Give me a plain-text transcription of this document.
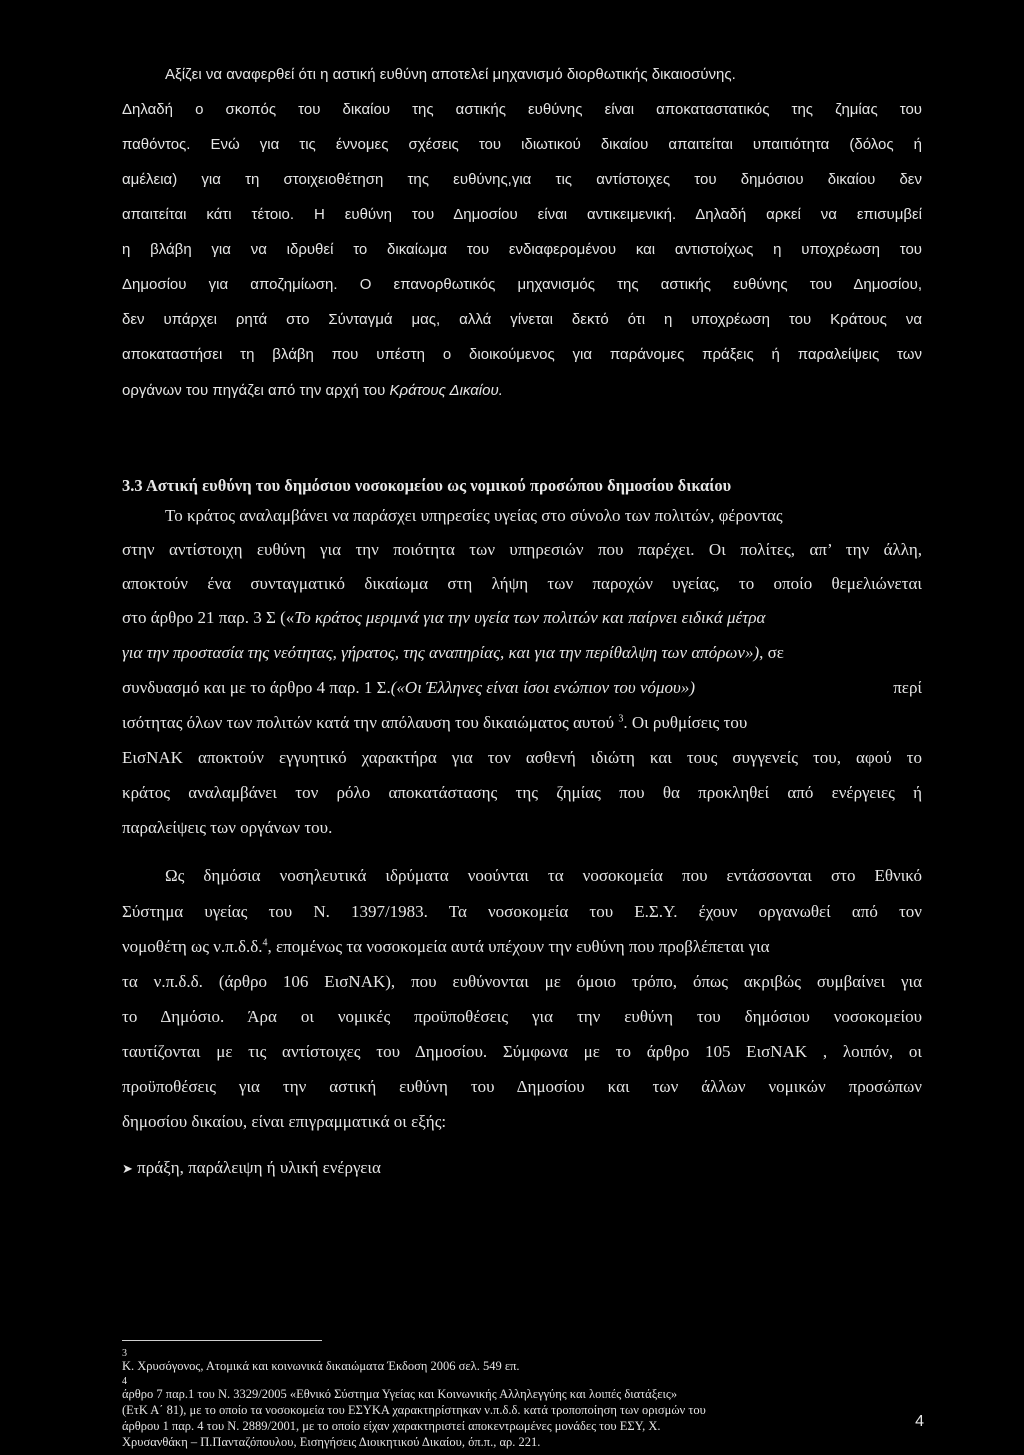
Αξίζει να αναφερθεί ότι η αστική ευθύνη αποτελεί μηχανισμό διορθωτικής δικαιοσύνης.
Δηλαδή ο σκοπός του δικαίου της αστικής ευθύνης είναι αποκαταστατικός της ζημίας του
παθόντος. Ενώ για τις έννομες σχέσεις του ιδιωτικού δικαίου απαιτείται υπαιτιότητα (δόλος ή
αμέλεια) για τη στοιχειοθέτηση της ευθύνης,για τις αντίστοιχες του δημόσιου δικαίου δεν
απαιτείται κάτι τέτοιο. Η ευθύνη του Δημοσίου είναι αντικειμενική. Δηλαδή αρκεί να επισυμβεί
η βλάβη για να ιδρυθεί το δικαίωμα του ενδιαφερομένου και αντιστοίχως η υποχρέωση του
Δημοσίου για αποζημίωση. Ο επανορθωτικός μηχανισμός της αστικής ευθύνης του Δημοσίου,
δεν υπάρχει ρητά στο Σύνταγμά μας, αλλά γίνεται δεκτό ότι η υποχρέωση του Κράτους να
αποκαταστήσει τη βλάβη που υπέστη ο διοικούμενος για παράνομες πράξεις ή παραλείψεις των
οργάνων του πηγάζει από την αρχή του Κράτους Δικαίου.
3.3 Αστική ευθύνη του δημόσιου νοσοκομείου ως νομικού προσώπου δημοσίου δικαίου
Το κράτος αναλαμβάνει να παράσχει υπηρεσίες υγείας στο σύνολο των πολιτών, φέροντας
στην αντίστοιχη ευθύνη για την ποιότητα των υπηρεσιών που παρέχει. Οι πολίτες, απ’ την άλλη,
αποκτούν ένα συνταγματικό δικαίωμα στη λήψη των παροχών υγείας, το οποίο θεμελιώνεται
στο άρθρο 21 παρ. 3 Σ («Το κράτος μεριμνά για την υγεία των πολιτών και παίρνει ειδικά μέτρα
για την προστασία της νεότητας, γήρατος, της αναπηρίας, και για την περίθαλψη των απόρων»), σε
συνδυασμό και με το άρθρο 4 παρ. 1 Σ.(«Οι Έλληνες είναι ίσοι ενώπιον του νόμου»)	περί
ισότητας όλων των πολιτών κατά την απόλαυση του δικαιώματος αυτού $^3$. Οι ρυθμίσεις του
ΕισΝΑΚ αποκτούν εγγυητικό χαρακτήρα για τον ασθενή ιδιώτη και τους συγγενείς του, αφού το
κράτος αναλαμβάνει τον ρόλο αποκατάστασης της ζημίας που θα προκληθεί από ενέργειες ή
παραλείψεις των οργάνων του.
Ως δημόσια νοσηλευτικά ιδρύματα νοούνται τα νοσοκομεία που εντάσσονται στο Εθνικό
Σύστημα υγείας του Ν. 1397/1983. Τα νοσοκομεία του Ε.Σ.Υ. έχουν οργανωθεί από τον
νομοθέτη ως ν.π.δ.δ.$^4$, επομένως τα νοσοκομεία αυτά υπέχουν την ευθύνη που προβλέπεται για
τα ν.π.δ.δ. (άρθρο 106 ΕισΝΑΚ), που ευθύνονται με όμοιο τρόπο, όπως ακριβώς συμβαίνει για
το Δημόσιο. Άρα οι νομικές προϋποθέσεις για την ευθύνη του δημόσιου νοσοκομείου
ταυτίζονται με τις αντίστοιχες του Δημοσίου. Σύμφωνα με το άρθρο 105 ΕισΝΑΚ , λοιπόν, οι
προϋποθέσεις για την αστική ευθύνη του Δημοσίου και των άλλων νομικών προσώπων
δημοσίου δικαίου, είναι επιγραμματικά οι εξής:
➤ πράξη, παράλειψη ή υλική ενέργεια
3
Κ. Χρυσόγονος, Ατομικά και κοινωνικά δικαιώματα Έκδοση 2006 σελ. 549 επ.
4
άρθρο 7 παρ.1 του Ν. 3329/2005 «Εθνικό Σύστημα Υγείας και Κοινωνικής Αλληλεγγύης και λοιπές διατάξεις»
(ΕτΚ Α΄ 81), με το οποίο τα νοσοκομεία του ΕΣΥΚΑ χαρακτηρίστηκαν ν.π.δ.δ. κατά τροποποίηση των ορισμών του
άρθρου 1 παρ. 4 του Ν. 2889/2001, με το οποίο είχαν χαρακτηριστεί αποκεντρωμένες μονάδες του ΕΣΥ, Χ.
Χρυσανθάκη – Π.Πανταζόπουλου, Εισηγήσεις Διοικητικού Δικαίου, όπ.π., αρ. 221.
4
